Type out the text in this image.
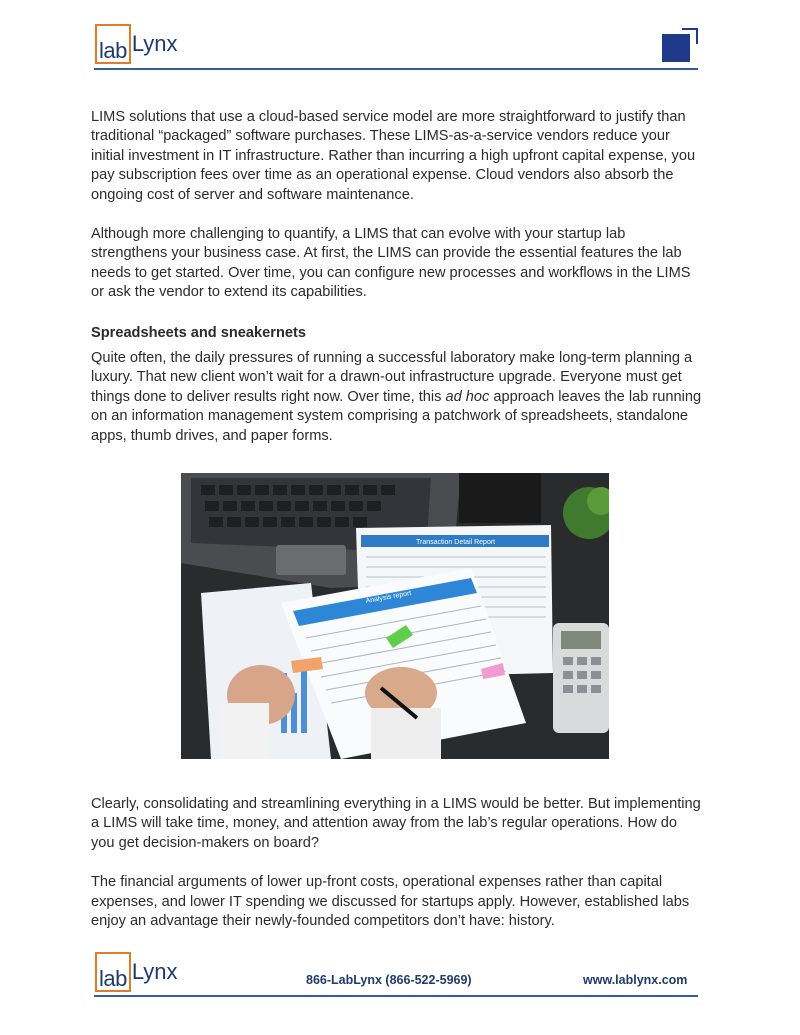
lab Lynx

LIMS solutions that use a cloud-based service model are more straightforward to justify than traditional “packaged” software purchases. These LIMS-as-a-service vendors reduce your initial investment in IT infrastructure. Rather than incurring a high upfront capital expense, you pay subscription fees over time as an operational expense. Cloud vendors also absorb the ongoing cost of server and software maintenance.

Although more challenging to quantify, a LIMS that can evolve with your startup lab strengthens your business case. At first, the LIMS can provide the essential features the lab needs to get started. Over time, you can configure new processes and workflows in the LIMS or ask the vendor to extend its capabilities.

Spreadsheets and sneakernets

Quite often, the daily pressures of running a successful laboratory make long-term planning a luxury. That new client won’t wait for a drawn-out infrastructure upgrade. Everyone must get things done to deliver results right now. Over time, this ad hoc approach leaves the lab running on an information management system comprising a patchwork of spreadsheets, standalone apps, thumb drives, and paper forms.

Transaction Detail Report
Analysis report

Clearly, consolidating and streamlining everything in a LIMS would be better. But implementing a LIMS will take time, money, and attention away from the lab’s regular operations. How do you get decision-makers on board?

The financial arguments of lower up-front costs, operational expenses rather than capital expenses, and lower IT spending we discussed for startups apply. However, established labs enjoy an advantage their newly-founded competitors don’t have: history.

lab Lynx	866-LabLynx (866-522-5969)	www.lablynx.com
